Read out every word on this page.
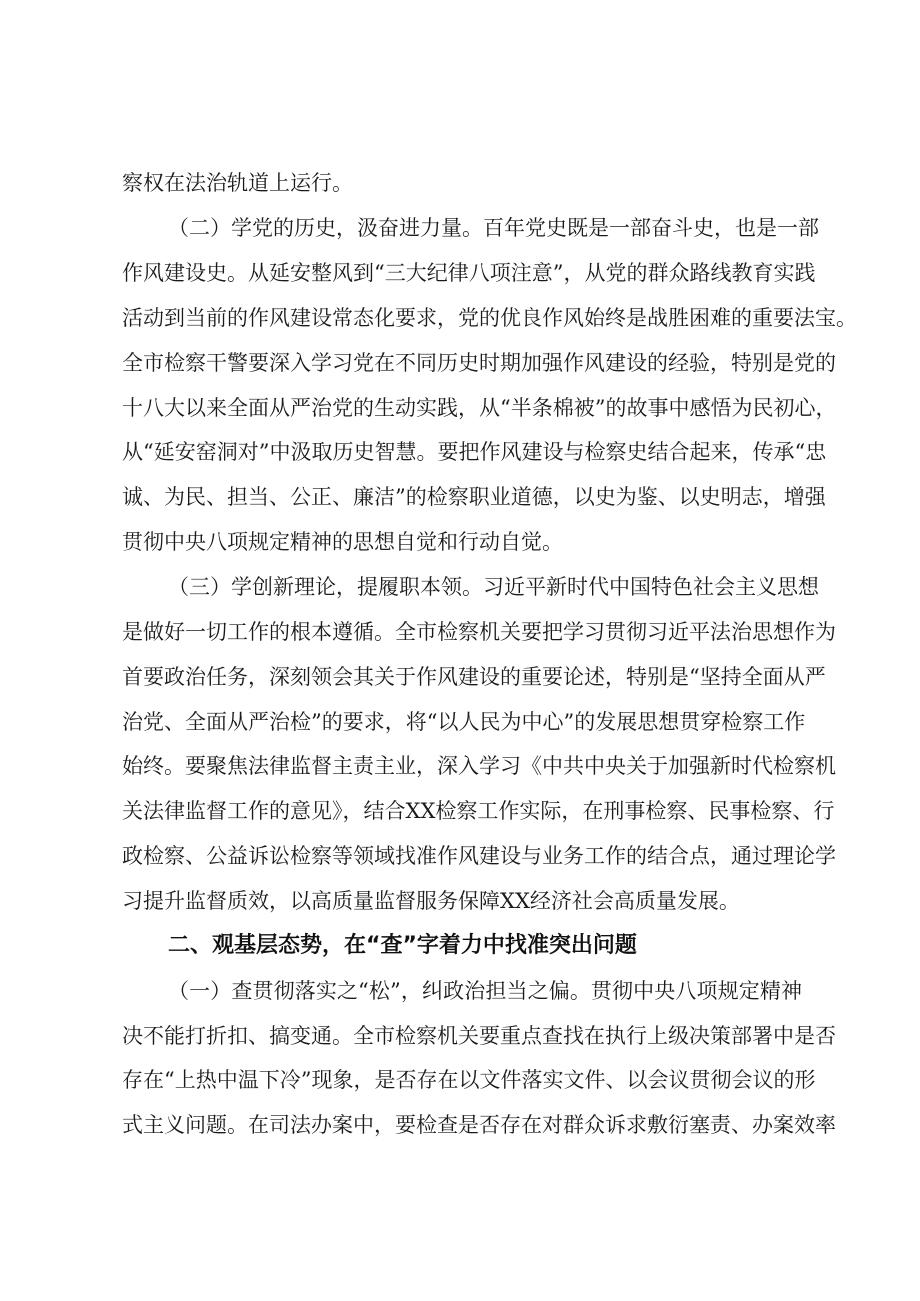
察权在法治轨道上运行。
（二）学党的历史，汲奋进力量。百年党史既是一部奋斗史，也是一部
作风建设史。从延安整风到“三大纪律八项注意”，从党的群众路线教育实践
活动到当前的作风建设常态化要求，党的优良作风始终是战胜困难的重要法宝。
全市检察干警要深入学习党在不同历史时期加强作风建设的经验，特别是党的
十八大以来全面从严治党的生动实践，从“半条棉被”的故事中感悟为民初心，
从“延安窑洞对”中汲取历史智慧。要把作风建设与检察史结合起来，传承“忠
诚、为民、担当、公正、廉洁”的检察职业道德，以史为鉴、以史明志，增强
贯彻中央八项规定精神的思想自觉和行动自觉。
（三）学创新理论，提履职本领。习近平新时代中国特色社会主义思想
是做好一切工作的根本遵循。全市检察机关要把学习贯彻习近平法治思想作为
首要政治任务，深刻领会其关于作风建设的重要论述，特别是“坚持全面从严
治党、全面从严治检”的要求，将“以人民为中心”的发展思想贯穿检察工作
始终。要聚焦法律监督主责主业，深入学习《中共中央关于加强新时代检察机
关法律监督工作的意见》，结合XX检察工作实际，在刑事检察、民事检察、行
政检察、公益诉讼检察等领域找准作风建设与业务工作的结合点，通过理论学
习提升监督质效，以高质量监督服务保障XX经济社会高质量发展。
二、观基层态势，在“查”字着力中找准突出问题
（一）查贯彻落实之“松”，纠政治担当之偏。贯彻中央八项规定精神
决不能打折扣、搞变通。全市检察机关要重点查找在执行上级决策部署中是否
存在“上热中温下冷”现象，是否存在以文件落实文件、以会议贯彻会议的形
式主义问题。在司法办案中，要检查是否存在对群众诉求敷衍塞责、办案效率
